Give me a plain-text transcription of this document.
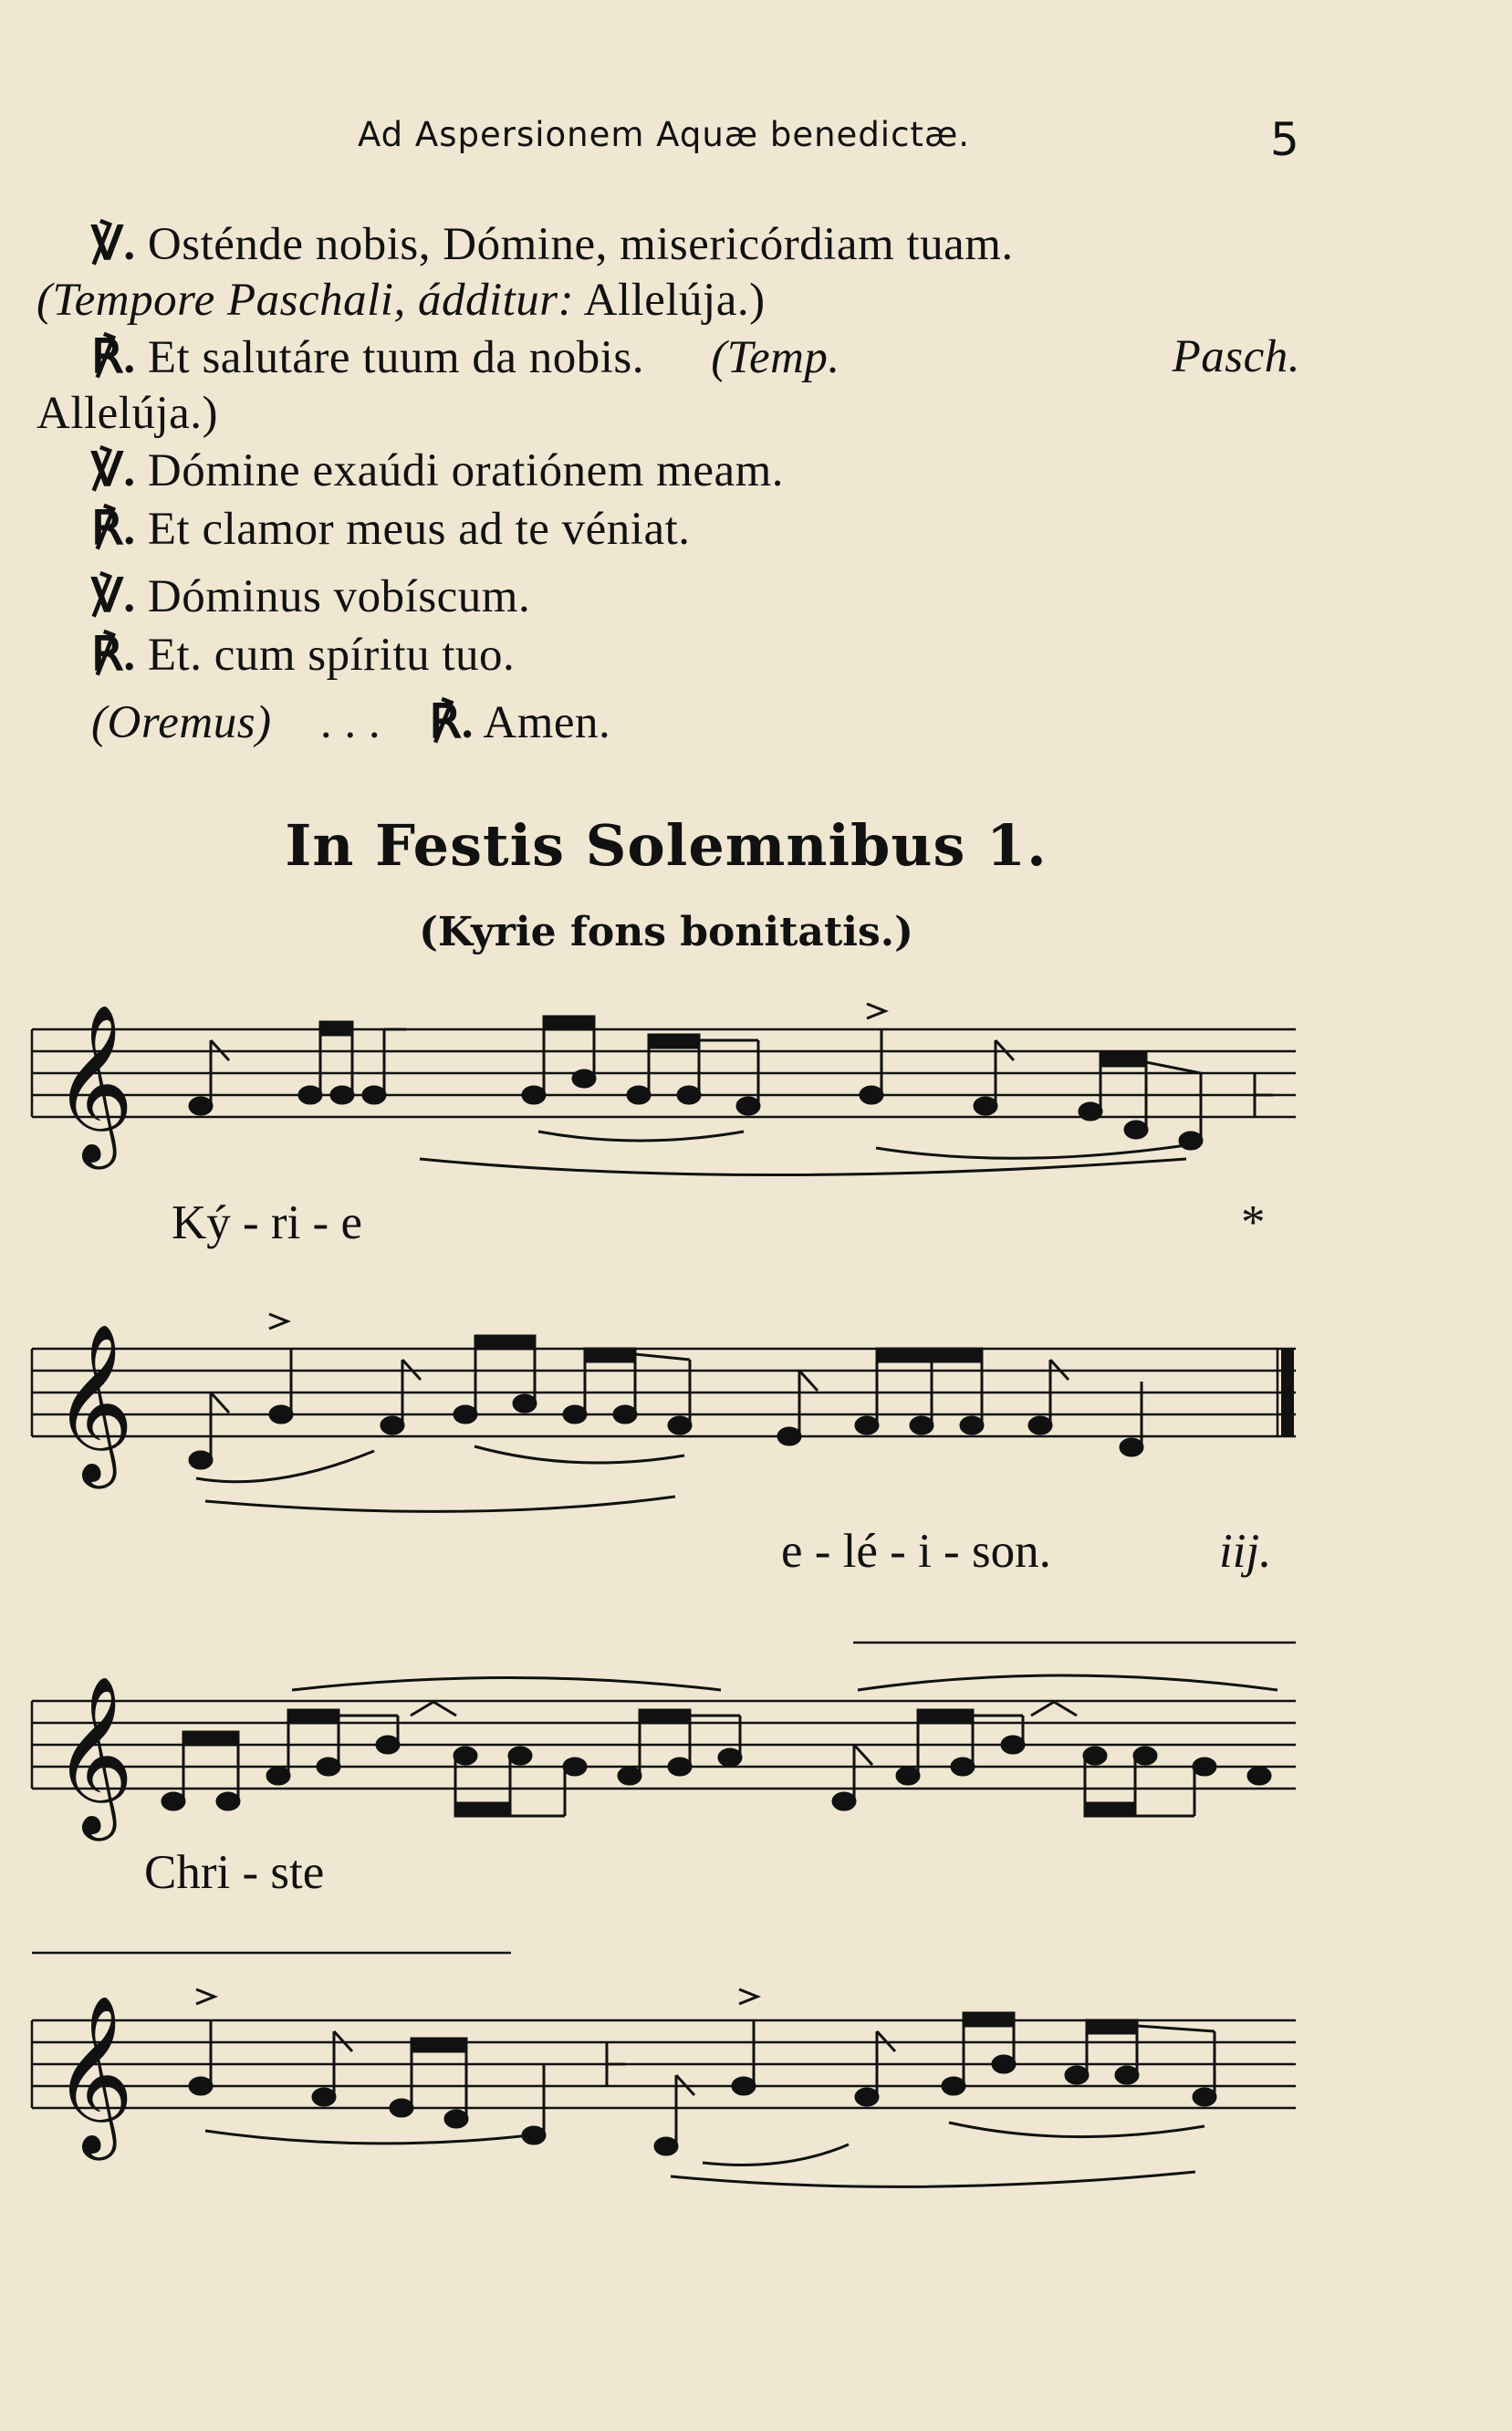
Ad Aspersionem Aquæ benedictæ.	5
℣. Osténde nobis, Dómine, misericórdiam tuam.
(Tempore Paschali, ádditur: Allelúja.)
℟. Et salutáre tuum da nobis. (Temp.	Pasch.
Allelúja.)
℣. Dómine exaúdi oratiónem meam.
℟. Et clamor meus ad te véniat.
℣. Dóminus vobíscum.
℟. Et. cum spíritu tuo.
(Oremus) . . . ℟. Amen.
In Festis Solemnibus 1.
(Kyrie fons bonitatis.)
𝄞
Ký - ri - e	*
𝄞
e - lé - i - son.	iij.
𝄞
Chri - ste
𝄞
